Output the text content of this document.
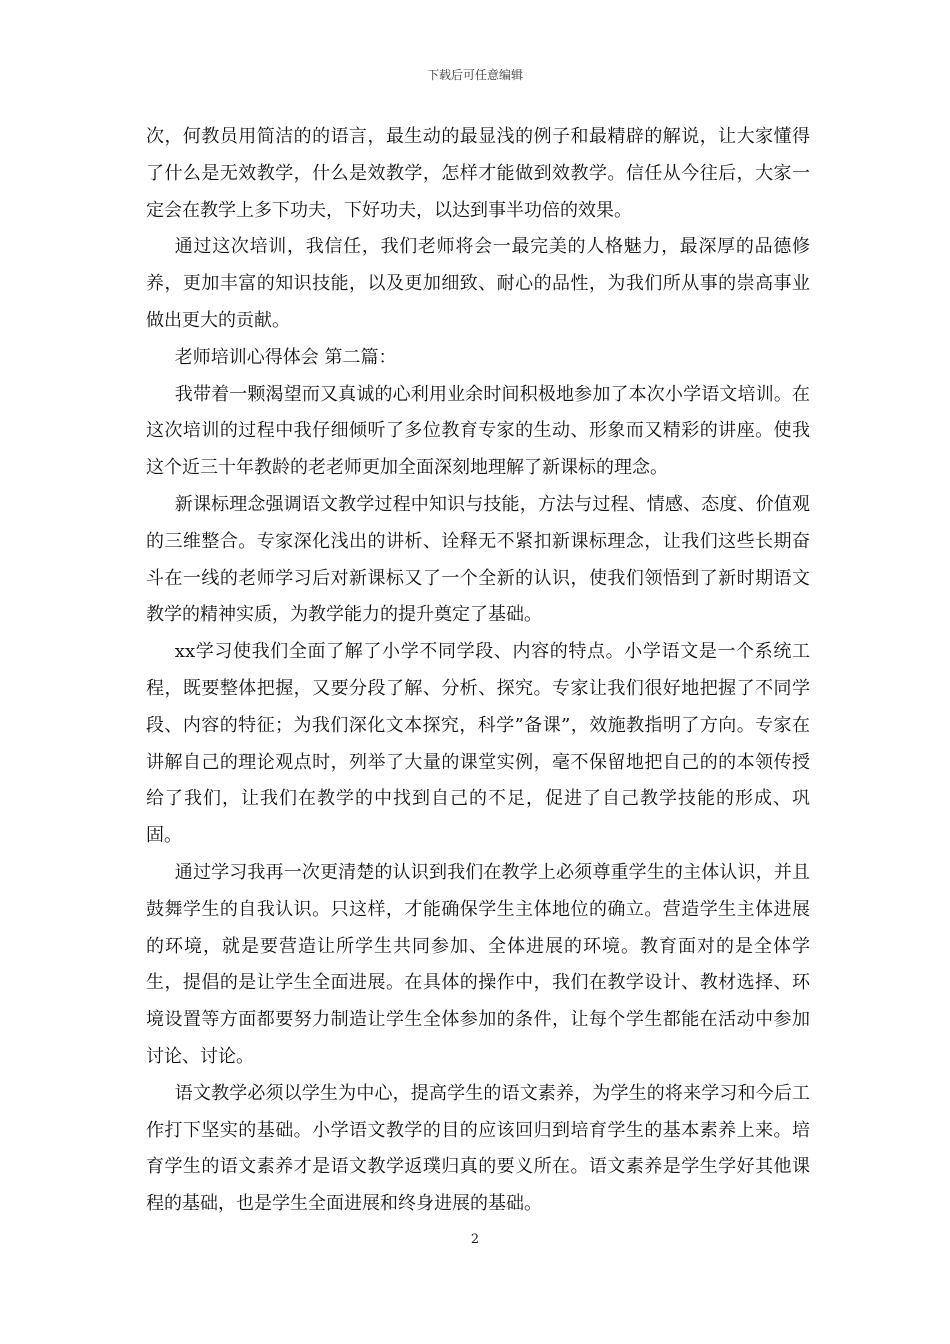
下载后可任意编辑

次，何教员用简洁的的语言，最生动的最显浅的例子和最精辟的解说，让大家懂得了什么是无效教学，什么是效教学，怎样才能做到效教学。信任从今往后，大家一定会在教学上多下功夫，下好功夫，以达到事半功倍的效果。

通过这次培训，我信任，我们老师将会一最完美的人格魅力，最深厚的品德修养，更加丰富的知识技能，以及更加细致、耐心的品性，为我们所从事的崇高事业做出更大的贡献。

老师培训心得体会 第二篇：

我带着一颗渴望而又真诚的心利用业余时间积极地参加了本次小学语文培训。在这次培训的过程中我仔细倾听了多位教育专家的生动、形象而又精彩的讲座。使我这个近三十年教龄的老老师更加全面深刻地理解了新课标的理念。

新课标理念强调语文教学过程中知识与技能，方法与过程、情感、态度、价值观的三维整合。专家深化浅出的讲析、诠释无不紧扣新课标理念，让我们这些长期奋斗在一线的老师学习后对新课标又了一个全新的认识，使我们领悟到了新时期语文教学的精神实质，为教学能力的提升奠定了基础。

xx学习使我们全面了解了小学不同学段、内容的特点。小学语文是一个系统工程，既要整体把握，又要分段了解、分析、探究。专家让我们很好地把握了不同学段、内容的特征；为我们深化文本探究，科学”备课”，效施教指明了方向。专家在讲解自己的理论观点时，列举了大量的课堂实例，毫不保留地把自己的的本领传授给了我们，让我们在教学的中找到自己的不足，促进了自己教学技能的形成、巩固。

通过学习我再一次更清楚的认识到我们在教学上必须尊重学生的主体认识，并且鼓舞学生的自我认识。只这样，才能确保学生主体地位的确立。营造学生主体进展的环境，就是要营造让所学生共同参加、全体进展的环境。教育面对的是全体学生，提倡的是让学生全面进展。在具体的操作中，我们在教学设计、教材选择、环境设置等方面都要努力制造让学生全体参加的条件，让每个学生都能在活动中参加讨论、讨论。

语文教学必须以学生为中心，提高学生的语文素养，为学生的将来学习和今后工作打下坚实的基础。小学语文教学的目的应该回归到培育学生的基本素养上来。培育学生的语文素养才是语文教学返璞归真的要义所在。语文素养是学生学好其他课程的基础，也是学生全面进展和终身进展的基础。

2
